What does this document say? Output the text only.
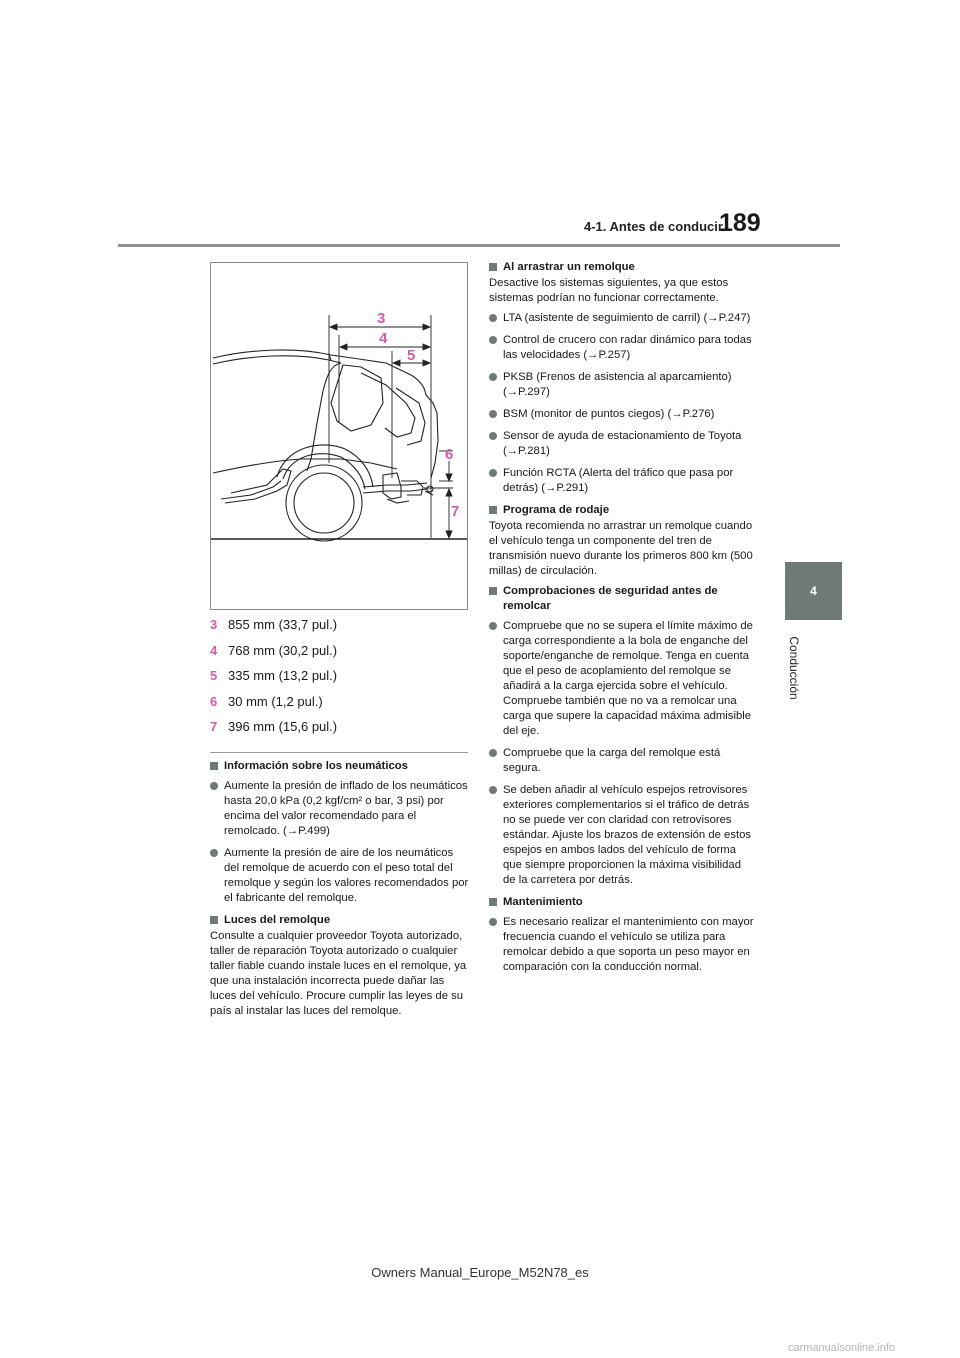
4-1. Antes de conducir
189
4
Conducción
3
4
5
6
7
3 855 mm (33,7 pul.)
4 768 mm (30,2 pul.)
5 335 mm (13,2 pul.)
6 30 mm (1,2 pul.)
7 396 mm (15,6 pul.)
Información sobre los neumáticos
Aumente la presión de inflado de los neumáticos hasta 20,0 kPa (0,2 kgf/cm² o bar, 3 psi) por encima del valor recomendado para el remolcado. (→P.499)
Aumente la presión de aire de los neumáticos del remolque de acuerdo con el peso total del remolque y según los valores recomendados por el fabricante del remolque.
Luces del remolque

Consulte a cualquier proveedor Toyota autorizado, taller de reparación Toyota autorizado o cualquier taller fiable cuando instale luces en el remolque, ya que una instalación incorrecta puede dañar las luces del vehículo. Procure cumplir las leyes de su país al instalar las luces del remolque.

Al arrastrar un remolque

Desactive los sistemas siguientes, ya que estos sistemas podrían no funcionar correctamente.

LTA (asistente de seguimiento de carril) (→P.247)
Control de crucero con radar dinámico para todas las velocidades (→P.257)
PKSB (Frenos de asistencia al aparcamiento) (→P.297)
BSM (monitor de puntos ciegos) (→P.276)
Sensor de ayuda de estacionamiento de Toyota (→P.281)
Función RCTA (Alerta del tráfico que pasa por detrás) (→P.291)
Programa de rodaje

Toyota recomienda no arrastrar un remolque cuando el vehículo tenga un componente del tren de transmisión nuevo durante los primeros 800 km (500 millas) de circulación.

Comprobaciones de seguridad antes de remolcar
Compruebe que no se supera el límite máximo de carga correspondiente a la bola de enganche del soporte/enganche de remolque. Tenga en cuenta que el peso de acoplamiento del remolque se añadirá a la carga ejercida sobre el vehículo. Compruebe también que no va a remolcar una carga que supere la capacidad máxima admisible del eje.
Compruebe que la carga del remolque está segura.
Se deben añadir al vehículo espejos retrovisores exteriores complementarios si el tráfico de detrás no se puede ver con claridad con retrovisores estándar. Ajuste los brazos de extensión de estos espejos en ambos lados del vehículo de forma que siempre proporcionen la máxima visibilidad de la carretera por detrás.
Mantenimiento
Es necesario realizar el mantenimiento con mayor frecuencia cuando el vehículo se utiliza para remolcar debido a que soporta un peso mayor en comparación con la conducción normal.
Owners Manual_Europe_M52N78_es
carmanualsonline.info
